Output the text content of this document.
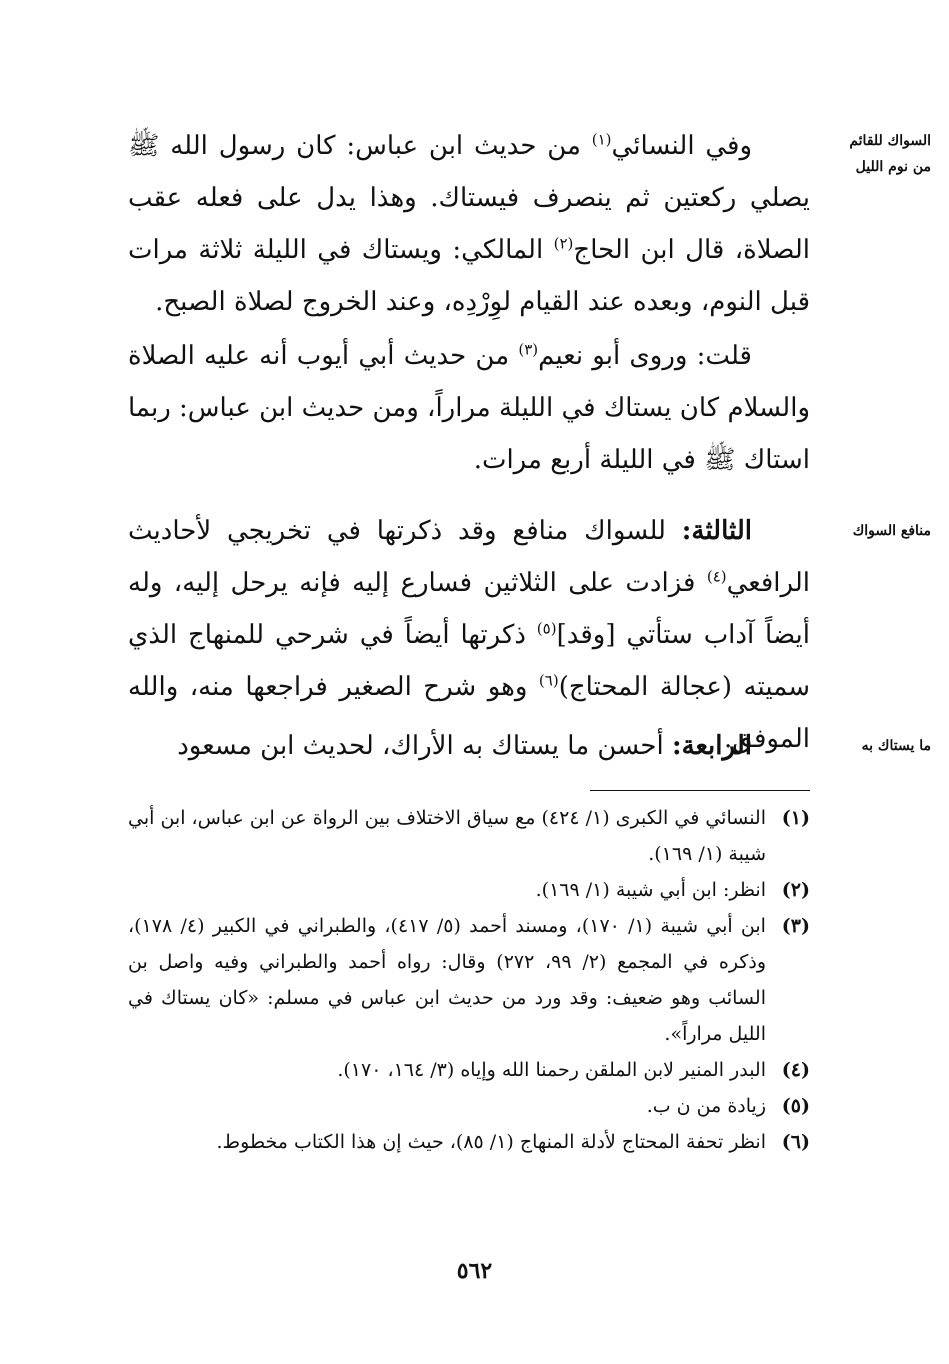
السواك للقائم من نوم الليل
منافع السواك
ما يستاك به

وفي النسائي$^{(١)}$ من حديث ابن عباس: كان رسول الله ﷺ يصلي ركعتين ثم ينصرف فيستاك. وهذا يدل على فعله عقب الصلاة، قال ابن الحاج$^{(٢)}$ المالكي: ويستاك في الليلة ثلاثة مرات قبل النوم، وبعده عند القيام لوِرْدِه، وعند الخروج لصلاة الصبح.

قلت: وروى أبو نعيم$^{(٣)}$ من حديث أبي أيوب أنه عليه الصلاة والسلام كان يستاك في الليلة مراراً، ومن حديث ابن عباس: ربما استاك ﷺ في الليلة أربع مرات.

الثالثة: للسواك منافع وقد ذكرتها في تخريجي لأحاديث الرافعي$^{(٤)}$ فزادت على الثلاثين فسارع إليه فإنه يرحل إليه، وله أيضاً آداب ستأتي [وقد]$^{(٥)}$ ذكرتها أيضاً في شرحي للمنهاج الذي سميته (عجالة المحتاج)$^{(٦)}$ وهو شرح الصغير فراجعها منه، والله الموفق.

الرابعة: أحسن ما يستاك به الأراك، لحديث ابن مسعود

(١)
النسائي في الكبرى (١/ ٤٢٤) مع سياق الاختلاف بين الرواة عن ابن عباس، ابن أبي شيبة (١/ ١٦٩).
(٢)
انظر: ابن أبي شيبة (١/ ١٦٩).
(٣)
ابن أبي شيبة (١/ ١٧٠)، ومسند أحمد (٥/ ٤١٧)، والطبراني في الكبير (٤/ ١٧٨)، وذكره في المجمع (٢/ ٩٩، ٢٧٢) وقال: رواه أحمد والطبراني وفيه واصل بن السائب وهو ضعيف: وقد ورد من حديث ابن عباس في مسلم: «كان يستاك في الليل مراراً».
(٤)
البدر المنير لابن الملقن رحمنا الله وإياه (٣/ ١٦٤، ١٧٠).
(٥)
زيادة من ن ب.
(٦)
انظر تحفة المحتاج لأدلة المنهاج (١/ ٨٥)، حيث إن هذا الكتاب مخطوط.
٥٦٢
